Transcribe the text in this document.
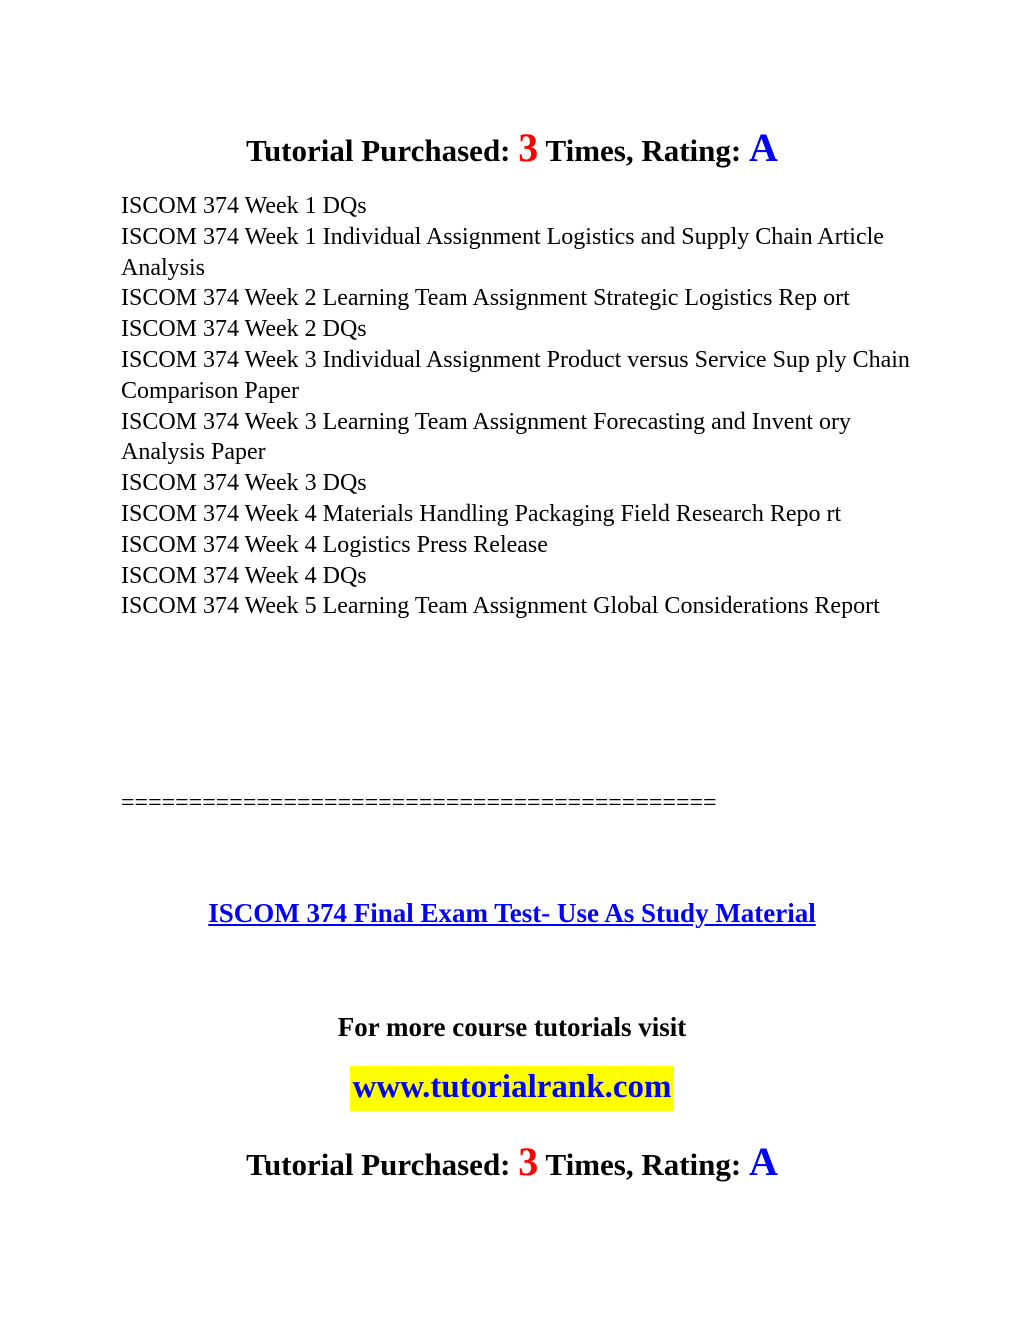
Tutorial Purchased: 3 Times, Rating: A
ISCOM 374 Week 1 DQs
ISCOM 374 Week 1 Individual Assignment Logistics and Supply Chain Article Analysis
ISCOM 374 Week 2 Learning Team Assignment Strategic Logistics Rep ort
ISCOM 374 Week 2 DQs
ISCOM 374 Week 3 Individual Assignment Product versus Service Sup ply Chain Comparison Paper
ISCOM 374 Week 3 Learning Team Assignment Forecasting and Invent ory Analysis Paper
ISCOM 374 Week 3 DQs
ISCOM 374 Week 4 Materials Handling Packaging Field Research Repo rt
ISCOM 374 Week 4 Logistics Press Release
ISCOM 374 Week 4 DQs
ISCOM 374 Week 5 Learning Team Assignment Global Considerations Report
============================================
ISCOM 374 Final Exam Test- Use As Study Material
For more course tutorials visit
www.tutorialrank.com
Tutorial Purchased: 3 Times, Rating: A
